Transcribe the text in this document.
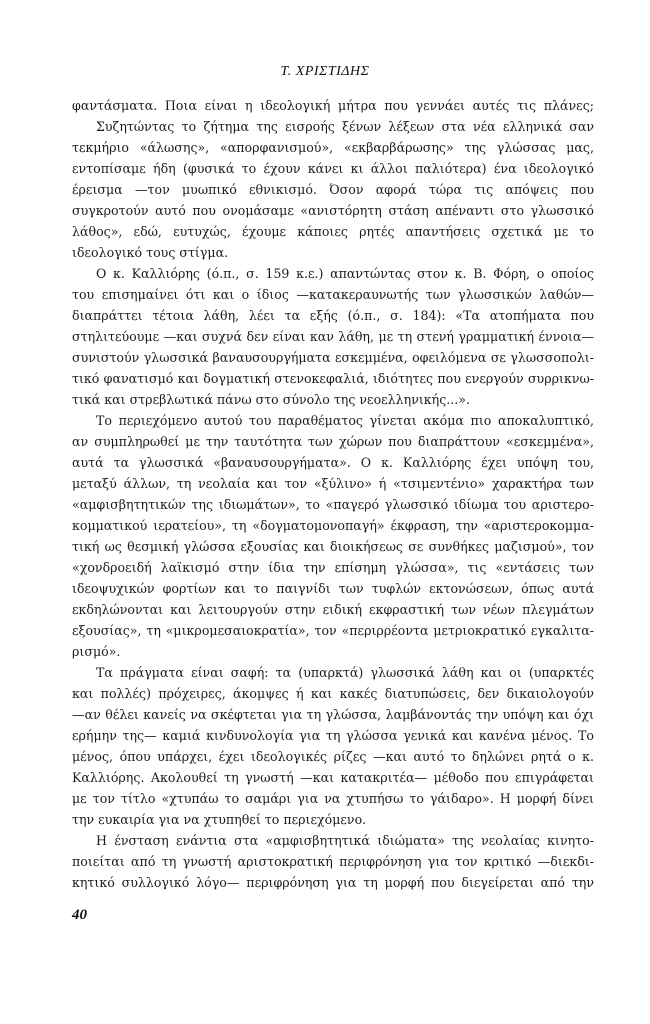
Τ. ΧΡΙΣΤΙΔΗΣ
φαντάσματα. Ποια είναι η ιδεολογική μήτρα που γεννάει αυτές τις πλάνες;
Συζητώντας το ζήτημα της εισροής ξένων λέξεων στα νέα ελληνικά σαν
τεκμήριο «άλωσης», «απορφανισμού», «εκβαρβάρωσης» της γλώσσας μας,
εντοπίσαμε ήδη (φυσικά το έχουν κάνει κι άλλοι παλιότερα) ένα ιδεολογικό
έρεισμα —τον μυωπικό εθνικισμό. Όσον αφορά τώρα τις απόψεις που
συγκροτούν αυτό που ονομάσαμε «ανιστόρητη στάση απέναντι στο γλωσσικό
λάθος», εδώ, ευτυχώς, έχουμε κάποιες ρητές απαντήσεις σχετικά με το
ιδεολογικό τους στίγμα.
Ο κ. Καλλιόρης (ό.π., σ. 159 κ.ε.) απαντώντας στον κ. Β. Φόρη, ο οποίος
του επισημαίνει ότι και ο ίδιος —κατακεραυνωτής των γλωσσικών λαθών—
διαπράττει τέτοια λάθη, λέει τα εξής (ό.π., σ. 184): «Τα ατοπήματα που
στηλιτεύουμε —και συχνά δεν είναι καν λάθη, με τη στενή γραμματική έννοια—
συνιστούν γλωσσικά βαναυσουργήματα εσκεμμένα, οφειλόμενα σε γλωσσοπολι-
τικό φανατισμό και δογματική στενοκεφαλιά, ιδιότητες που ενεργούν συρρικνω-
τικά και στρεβλωτικά πάνω στο σύνολο της νεοελληνικής...».
Το περιεχόμενο αυτού του παραθέματος γίνεται ακόμα πιο αποκαλυπτικό,
αν συμπληρωθεί με την ταυτότητα των χώρων που διαπράττουν «εσκεμμένα»,
αυτά τα γλωσσικά «βαναυσουργήματα». Ο κ. Καλλιόρης έχει υπόψη του,
μεταξύ άλλων, τη νεολαία και τον «ξύλινο» ή «τσιμεντένιο» χαρακτήρα των
«αμφισβητητικών της ιδιωμάτων», το «παγερό γλωσσικό ιδίωμα του αριστερο-
κομματικού ιερατείου», τη «δογματομονοπαγή» έκφραση, την «αριστεροκομμα-
τική ως θεσμική γλώσσα εξουσίας και διοικήσεως σε συνθήκες μαζισμού», τον
«χονδροειδή λαϊκισμό στην ίδια την επίσημη γλώσσα», τις «εντάσεις των
ιδεοψυχικών φορτίων και το παιγνίδι των τυφλών εκτονώσεων, όπως αυτά
εκδηλώνονται και λειτουργούν στην ειδική εκφραστική των νέων πλεγμάτων
εξουσίας», τη «μικρομεσαιοκρατία», τον «περιρρέοντα μετριοκρατικό εγκαλιτα-
ρισμό».
Τα πράγματα είναι σαφή: τα (υπαρκτά) γλωσσικά λάθη και οι (υπαρκτές
και πολλές) πρόχειρες, άκομψες ή και κακές διατυπώσεις, δεν δικαιολογούν
—αν θέλει κανείς να σκέφτεται για τη γλώσσα, λαμβάνοντάς την υπόψη και όχι
ερήμην της— καμιά κινδυνολογία για τη γλώσσα γενικά και κανένα μένος. Το
μένος, όπου υπάρχει, έχει ιδεολογικές ρίζες —και αυτό το δηλώνει ρητά ο κ.
Καλλιόρης. Ακολουθεί τη γνωστή —και κατακριτέα— μέθοδο που επιγράφεται
με τον τίτλο «χτυπάω το σαμάρι για να χτυπήσω το γάιδαρο». Η μορφή δίνει
την ευκαιρία για να χτυπηθεί το περιεχόμενο.
Η ένσταση ενάντια στα «αμφισβητητικά ιδιώματα» της νεολαίας κινητο-
ποιείται από τη γνωστή αριστοκρατική περιφρόνηση για τον κριτικό —διεκδι-
κητικό συλλογικό λόγο— περιφρόνηση για τη μορφή που διεγείρεται από την
40
